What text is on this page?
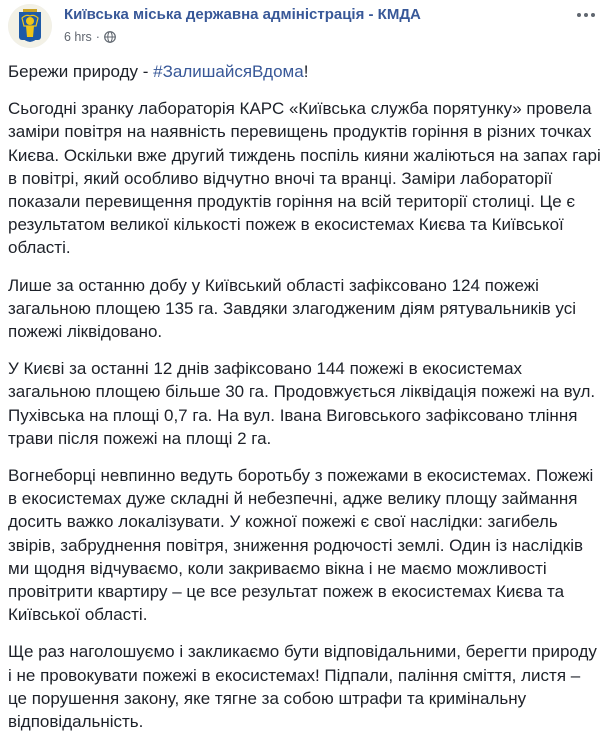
Київська міська державна адміністрація - КМДА
6 hrs ·

Бережи природу - #ЗалишайсяВдома!

Сьогодні зранку лабораторія КАРС «Київська служба порятунку» провела заміри повітря на наявність перевищень продуктів горіння в різних точках Києва. Оскільки вже другий тиждень поспіль кияни жаліються на запах гарі в повітрі, який особливо відчутно вночі та вранці. Заміри лабораторії показали перевищення продуктів горіння на всій території столиці. Це є результатом великої кількості пожеж в екосистемах Києва та Київської області.

Лише за останню добу у Київський області зафіксовано 124 пожежі загальною площею 135 га. Завдяки злагодженим діям рятувальників усі пожежі ліквідовано.

У Києві за останні 12 днів зафіксовано 144 пожежі в екосистемах загальною площею більше 30 га. Продовжується ліквідація пожежі на вул. Пухівська на площі 0,7 га. На вул. Івана Виговського зафіксовано тління трави після пожежі на площі 2 га.

Вогнеборці невпинно ведуть боротьбу з пожежами в екосистемах. Пожежі в екосистемах дуже складні й небезпечні, адже велику площу займання досить важко локалізувати. У кожної пожежі є свої наслідки: загибель звірів, забруднення повітря, зниження родючості землі. Один із наслідків ми щодня відчуваємо, коли закриваємо вікна і не маємо можливості провітрити квартиру – це все результат пожеж в екосистемах Києва та Київської області.

Ще раз наголошуємо і закликаємо бути відповідальними, берегти природу і не провокувати пожежі в екосистемах! Підпали, паління сміття, листя – це порушення закону, яке тягне за собою штрафи та кримінальну відповідальність.
